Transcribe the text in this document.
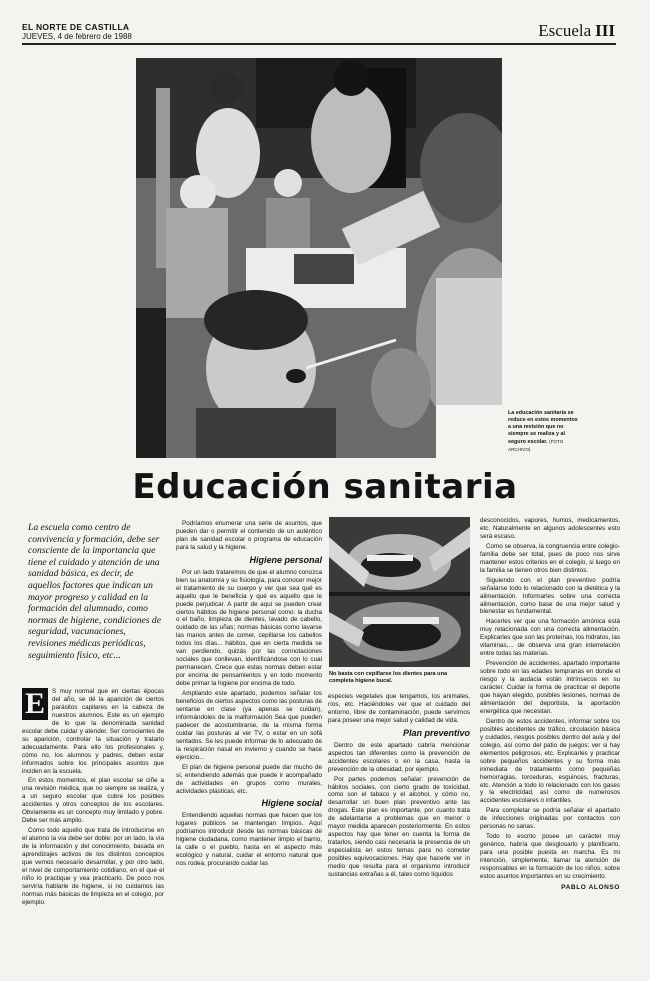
EL NORTE DE CASTILLA
JUEVES, 4 de febrero de 1988	Escuela III
La educación sanitaria se reduce en estos momentos a una revisión que no siempre se realiza y al seguro escolar. (FOTO ARCHIVO)
Educación sanitaria
La escuela como centro de convivencia y formación, debe ser consciente de la importancia que tiene el cuidado y atención de una sanidad básica, es decir, de aquellos factores que indican un mayor progreso y calidad en la formación del alumnado, como normas de higiene, condiciones de seguridad, vacunaciones, revisiones médicas periódicas, seguimiento físico, etc...

E	S muy normal que en ciertas épocas del año, se dé la aparición de ciertos parásitos capilares en la cabeza de nuestros alumnos. Este es un ejemplo de lo que la denominada sanidad escolar debe cuidar y atender. Ser conscientes de su aparición, controlar la situación y tratarlo adecuadamente. Para ello los profesionales y, cómo no, los alumnos y padres, deben estar informados sobre los principales asuntos que inciden en la escuela.

En estos momentos, el plan escolar se ciñe a una revisión médica, que no siempre se realiza, y a un seguro escolar que cubre los posibles accidentes y otros conceptos de los escolares. Obviamente es un concepto muy limitado y pobre. Debe ser más amplio.

Como todo aquello que trata de introducirse en el alumno la vía debe ser doble: por un lado, la vía de la información y del conocimiento, basada en aprendizajes activos de los distintos conceptos que vemos necesario desarrollar, y por otro lado, el nivel de comportamiento cotidiano, en el que el niño lo practique y vea practicarlo. De poco nos serviría hablarle de higiene, si no cuidamos las normas más básicas de limpieza en el colegio, por ejemplo.

Podríamos enumerar una serie de asuntos, que pueden dar o permitir el contenido de un auténtico plan de sanidad escolar o programa de educación para la salud y la higiene.

Higiene personal

Por un lado trataremos de que el alumno conozca bien su anatomía y su fisiología, para conocer mejor el tratamiento de su cuerpo y ver que sea qué es aquello que le beneficia y qué es aquello que le puede perjudicar. A partir de aquí se pueden crear ciertos hábitos de higiene personal como: la ducha o el baño, limpieza de dientes, lavado de cabello, cuidado de las uñas; normas básicas como lavarse las manos antes de comer, cepillarse los cabellos todos los días... hábitos, que en cierta medida se van perdiendo, quizás por las connotaciones sociales que conllevan, identificándose con lo cual permanecen. Crece que estas normas deben estar por encima de pensamientos y en todo momento debe primar la higiene por encima de todo.

Ampliando este apartado, podemos señalar los beneficios de ciertos aspectos como las posturas de sentarse en clase (ya apenas se cuidan), informándoles de la malformación Sea que pueden padecer de acostumbrarse, de la misma forma cuidar las posturas al ver TV, o estar en un sofá sentados. Se les puede informar de lo adecuado de la respiración nasal en invierno y cuando se hace ejercicio...

El plan de higiene personal puede dar mucho de sí, entendiendo además que puede ir acompañado de actividades en grupos como murales, actividades plásticas, etc.

Higiene social

Entendiendo aquellas normas que hacen que los lugares públicos se mantengan limpios. Aquí podríamos introducir desde las normas básicas de higiene ciudadana, como mantener limpio el barrio, la calle o el pueblo, hasta en el aspecto más ecológico y natural, cuidar el entorno natural que nos rodea, procurando cuidar las

No basta con cepillarse los dientes para una completa higiene bucal.

especies vegetales que tengamos, los animales, ríos, etc. Haciéndoles ver que el cuidado del entorno, libre de contaminación, puede servirnos para poseer una mejor salud y calidad de vida.

Plan preventivo

Dentro de este apartado cabría mencionar aspectos tan diferentes como la prevención de accidentes escolares o en la casa, hasta la prevención de la obesidad, por ejemplo.

Por partes podemos señalar: prevención de hábitos sociales, con cierto grado de toxicidad, como son el tabaco y el alcohol, y cómo no, desarrollar un buen plan preventivo ante las drogas. Este plan es importante, por cuanto trata de adelantarse a problemas que en menor o mayor medida aparecen posteriormente. En estos aspectos hay que tener en cuenta la forma de tratarlos, siendo casi necesaria la presencia de un especialista en estos temas para no cometer posibles equivocaciones. Hay que hacerle ver in medio que resulta para el organismo introducir sustancias extrañas a él, tales como líquidos

desconocidos, vapores, humos, medicamentos, etc. Naturalmente en algunos adolescentes esto será escaso.

Como se observa, la congruencia entre colegio-familia debe ser total, pues de poco nos sirve mantener estos criterios en el colegio, si luego en la familia se tienen otros bien distintos.

Siguiendo con el plan preventivo podría señalarse todo lo relacionado con la dietética y la alimentación. Informarles sobre una correcta alimentación, como base de una mejor salud y bienestar es fundamental.

Hacerles ver que una formación amónica está muy relacionada con una correcta alimentación. Explicarles que son las proteínas, los hidratos, las vitaminas,... de observa una gran interrelación entre todas las materias.

Prevención de accidentes, apartado importante sobre todo en las edades tempranas en donde el riesgo y la audacia están intrínsecos en su carácter. Cuidar la forma de practicar el deporte que hayan elegido, posibles lesiones, normas de alimentación del deportista, la aportación energética que necesitan.

Dentro de estos accidentes, informar sobre los posibles accidentes de tráfico, circulación básica y cuidados, riesgos posibles dentro del aula y del colegio, así como del patio de juegos; ver si hay elementos peligrosos, etc. Explicarles y practicar sobre pequeños accidentes y su forma más inmediata de tratamiento como pequeñas hemorragias, torceduras, esguinces, fracturas, etc. Atención a todo lo relacionado con los gases y la electricidad, así como de numerosos accidentes escolares o infantiles.

Para completar se podría señalar el apartado de infecciones originadas por contactos con personas no sanas.

Todo lo escrito posee un carácter muy genérico, habría que desglosarlo y planificarlo, para una posible puesta en marcha. Es mi intención, simplemente, llamar la atención de responsables en la formación de los niños, sobre estos asuntos importantes en su crecimiento.

PABLO ALONSO
